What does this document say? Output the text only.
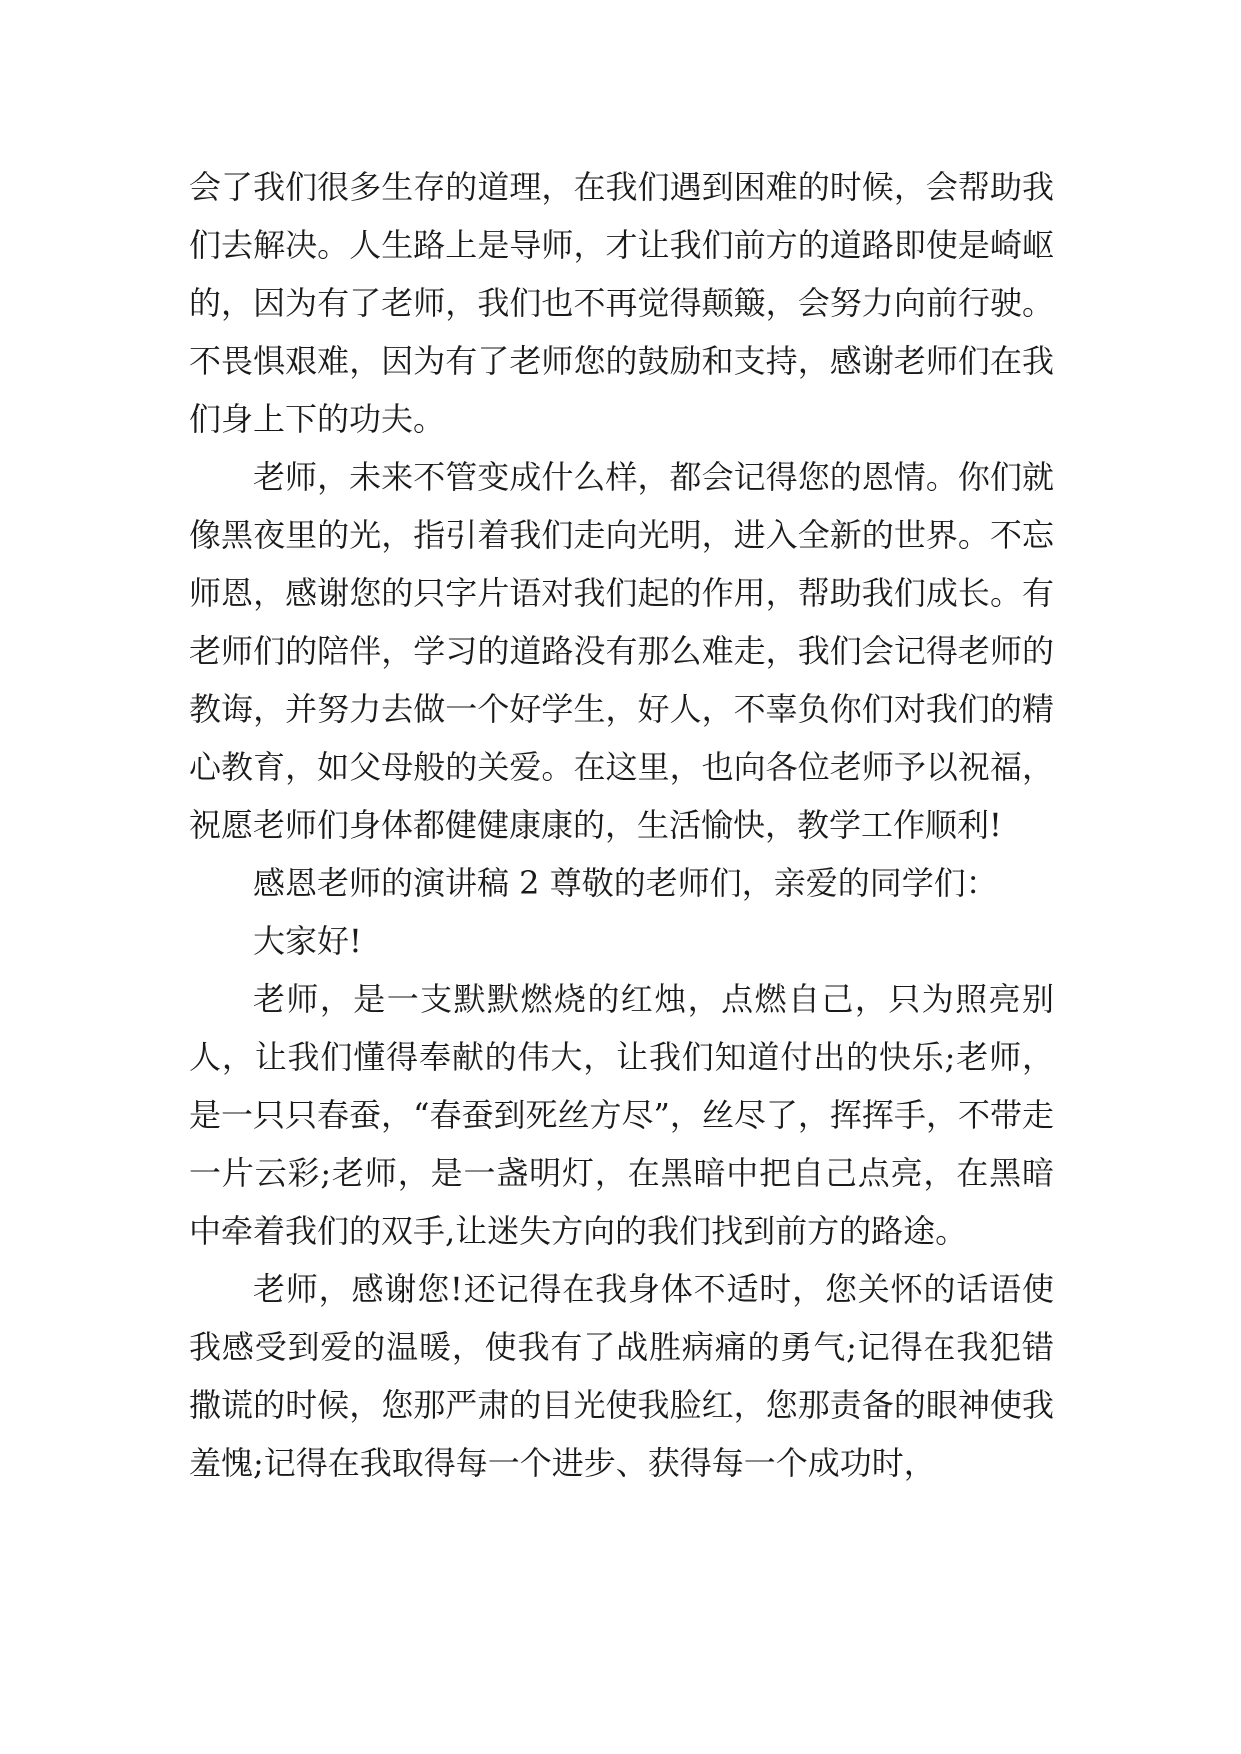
会了我们很多生存的道理，在我们遇到困难的时候，会帮助我们去解决。人生路上是导师，才让我们前方的道路即使是崎岖的，因为有了老师，我们也不再觉得颠簸，会努力向前行驶。不畏惧艰难，因为有了老师您的鼓励和支持，感谢老师们在我们身上下的功夫。

老师，未来不管变成什么样，都会记得您的恩情。你们就像黑夜里的光，指引着我们走向光明，进入全新的世界。不忘师恩，感谢您的只字片语对我们起的作用，帮助我们成长。有老师们的陪伴，学习的道路没有那么难走，我们会记得老师的教诲，并努力去做一个好学生，好人，不辜负你们对我们的精心教育，如父母般的关爱。在这里，也向各位老师予以祝福，祝愿老师们身体都健健康康的，生活愉快，教学工作顺利!

感恩老师的演讲稿 2 尊敬的老师们，亲爱的同学们：

大家好!

老师，是一支默默燃烧的红烛，点燃自己，只为照亮别人，让我们懂得奉献的伟大，让我们知道付出的快乐;老师，是一只只春蚕，“春蚕到死丝方尽”，丝尽了，挥挥手，不带走一片云彩;老师，是一盏明灯，在黑暗中把自己点亮，在黑暗中牵着我们的双手,让迷失方向的我们找到前方的路途。

老师，感谢您!还记得在我身体不适时，您关怀的话语使我感受到爱的温暖，使我有了战胜病痛的勇气;记得在我犯错撒谎的时候，您那严肃的目光使我脸红，您那责备的眼神使我羞愧;记得在我取得每一个进步、获得每一个成功时，
